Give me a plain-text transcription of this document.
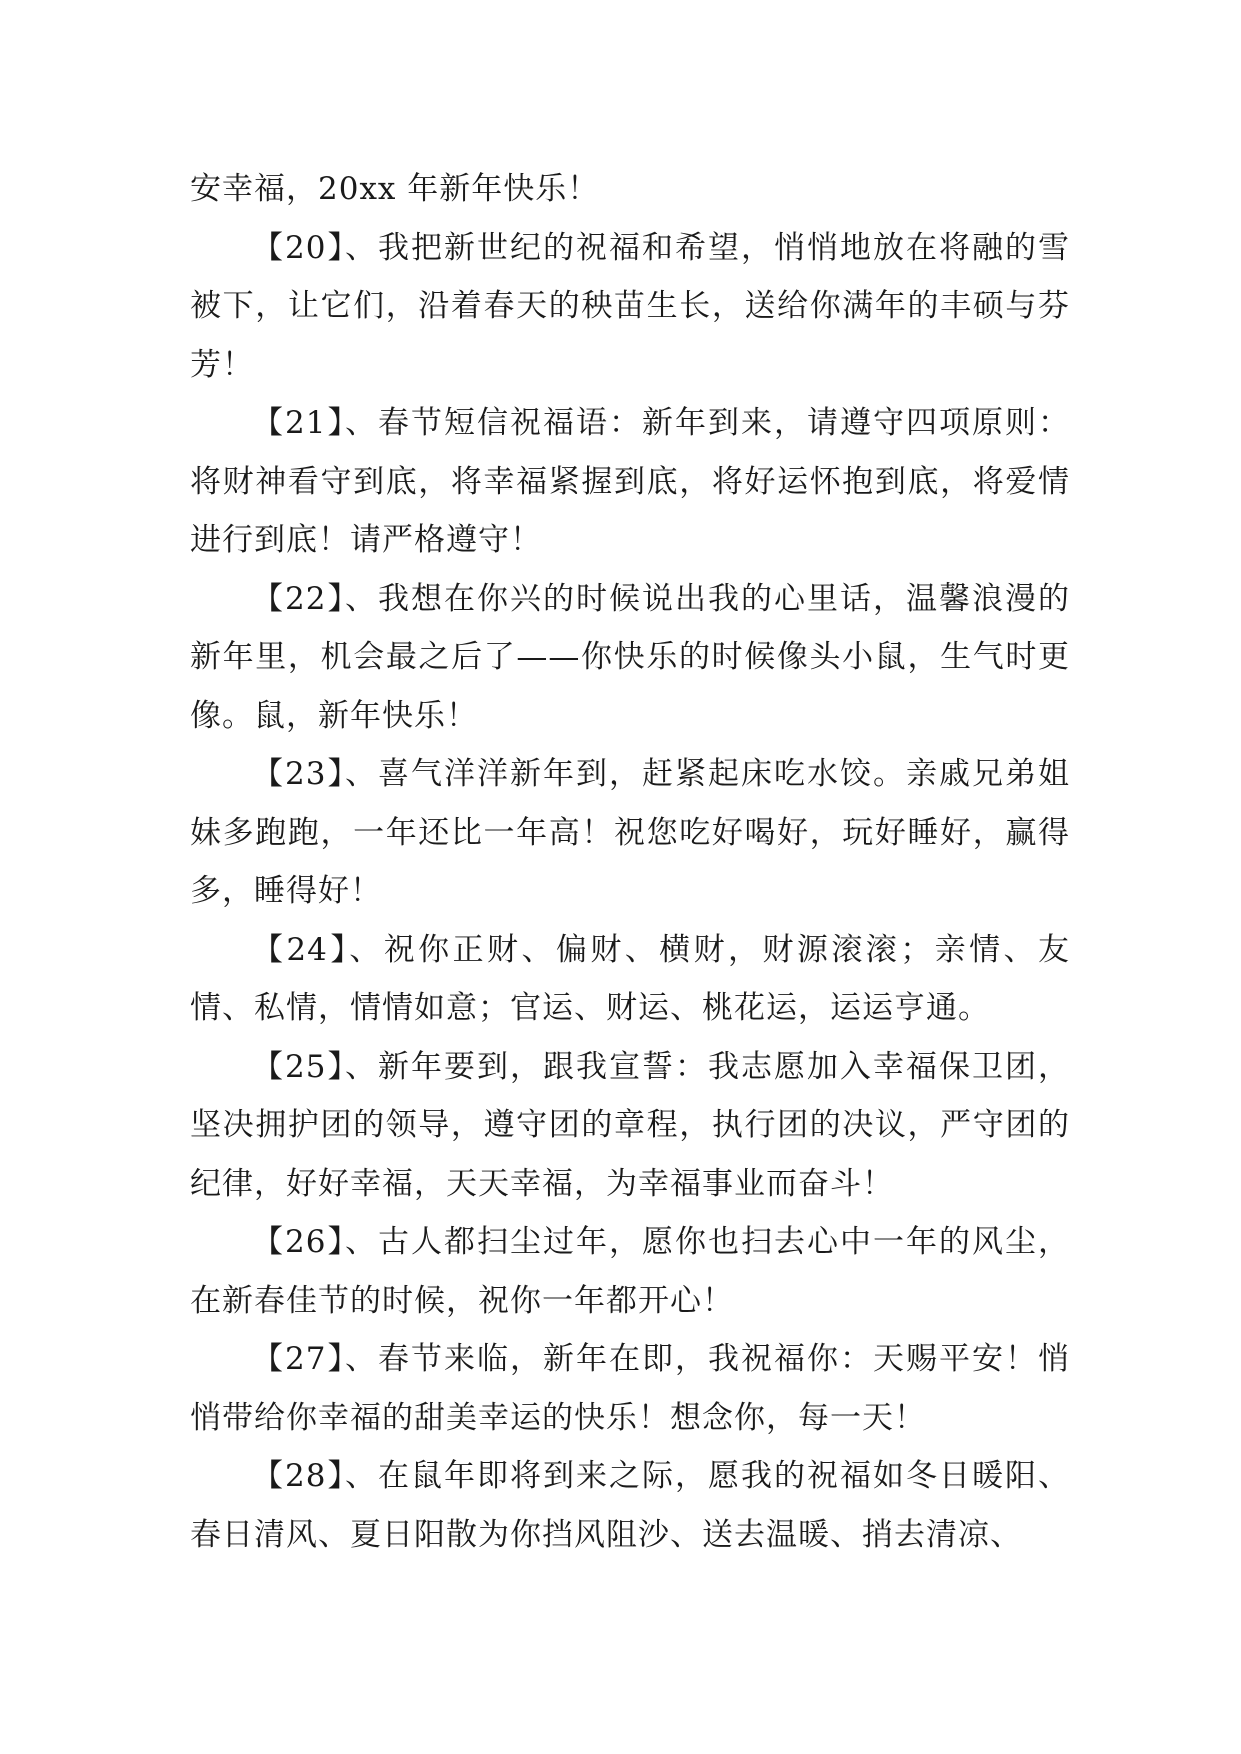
安幸福，20xx 年新年快乐！

【20】、我把新世纪的祝福和希望，悄悄地放在将融的雪被下，让它们，沿着春天的秧苗生长，送给你满年的丰硕与芬芳！

【21】、春节短信祝福语：新年到来，请遵守四项原则：将财神看守到底，将幸福紧握到底，将好运怀抱到底，将爱情进行到底！请严格遵守！

【22】、我想在你兴的时候说出我的心里话，温馨浪漫的新年里，机会最之后了——你快乐的时候像头小鼠，生气时更像。鼠，新年快乐！

【23】、喜气洋洋新年到，赶紧起床吃水饺。亲戚兄弟姐妹多跑跑，一年还比一年高！祝您吃好喝好，玩好睡好，赢得多，睡得好！

【24】、祝你正财、偏财、横财，财源滚滚；亲情、友情、私情，情情如意；官运、财运、桃花运，运运亨通。

【25】、新年要到，跟我宣誓：我志愿加入幸福保卫团，坚决拥护团的领导，遵守团的章程，执行团的决议，严守团的纪律，好好幸福，天天幸福，为幸福事业而奋斗！

【26】、古人都扫尘过年，愿你也扫去心中一年的风尘，在新春佳节的时候，祝你一年都开心！

【27】、春节来临，新年在即，我祝福你：天赐平安！悄悄带给你幸福的甜美幸运的快乐！想念你，每一天！

【28】、在鼠年即将到来之际，愿我的祝福如冬日暖阳、春日清风、夏日阳散为你挡风阻沙、送去温暖、捎去清凉、
